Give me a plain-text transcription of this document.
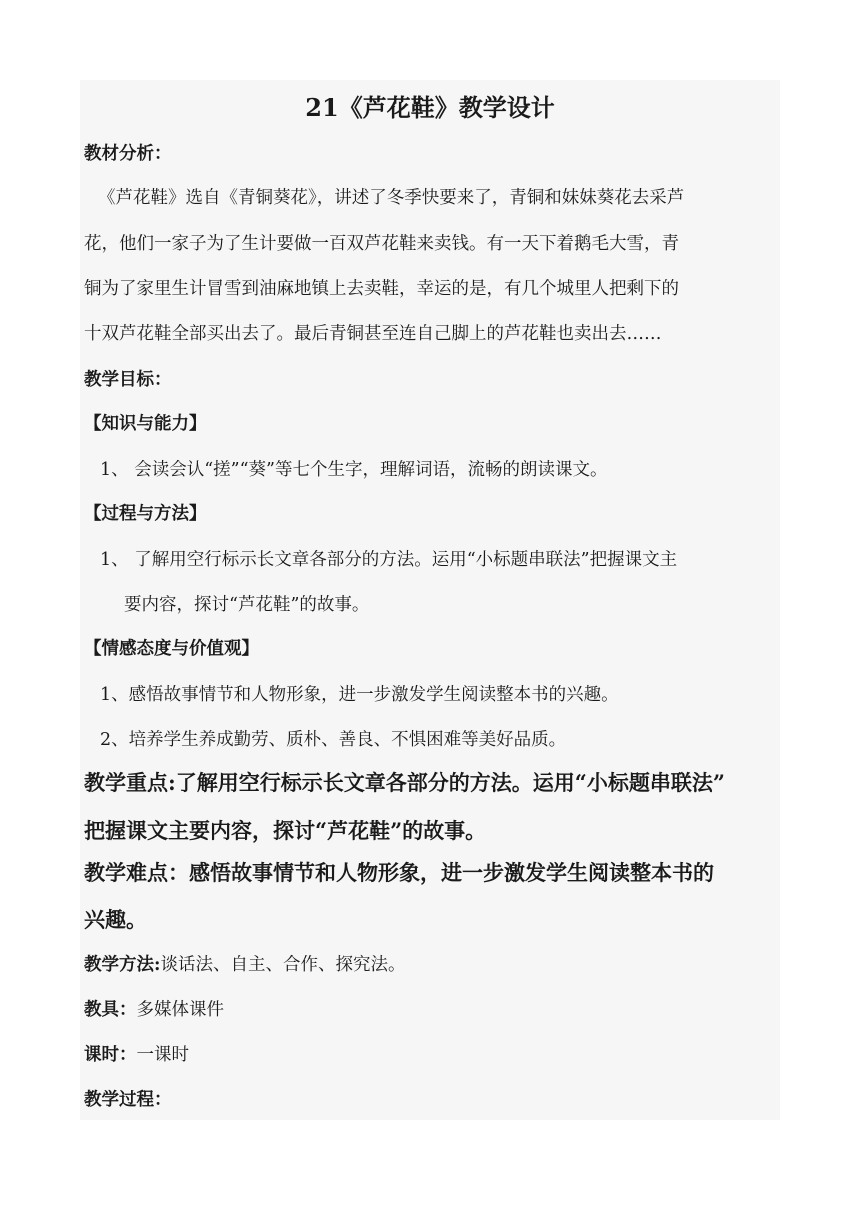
21《芦花鞋》教学设计
教材分析：
《芦花鞋》选自《青铜葵花》，讲述了冬季快要来了，青铜和妹妹葵花去采芦
花，他们一家子为了生计要做一百双芦花鞋来卖钱。有一天下着鹅毛大雪，青
铜为了家里生计冒雪到油麻地镇上去卖鞋，幸运的是，有几个城里人把剩下的
十双芦花鞋全部买出去了。最后青铜甚至连自己脚上的芦花鞋也卖出去……
教学目标：
【知识与能力】
1、 会读会认“搓”“葵”等七个生字，理解词语，流畅的朗读课文。
【过程与方法】
1、 了解用空行标示长文章各部分的方法。运用“小标题串联法”把握课文主
要内容，探讨“芦花鞋”的故事。
【情感态度与价值观】
1、感悟故事情节和人物形象，进一步激发学生阅读整本书的兴趣。
2、培养学生养成勤劳、质朴、善良、不惧困难等美好品质。
教学重点:了解用空行标示长文章各部分的方法。运用“小标题串联法”
把握课文主要内容，探讨“芦花鞋”的故事。
教学难点：感悟故事情节和人物形象，进一步激发学生阅读整本书的
兴趣。
教学方法:谈话法、自主、合作、探究法。
教具：多媒体课件
课时：一课时
教学过程：
